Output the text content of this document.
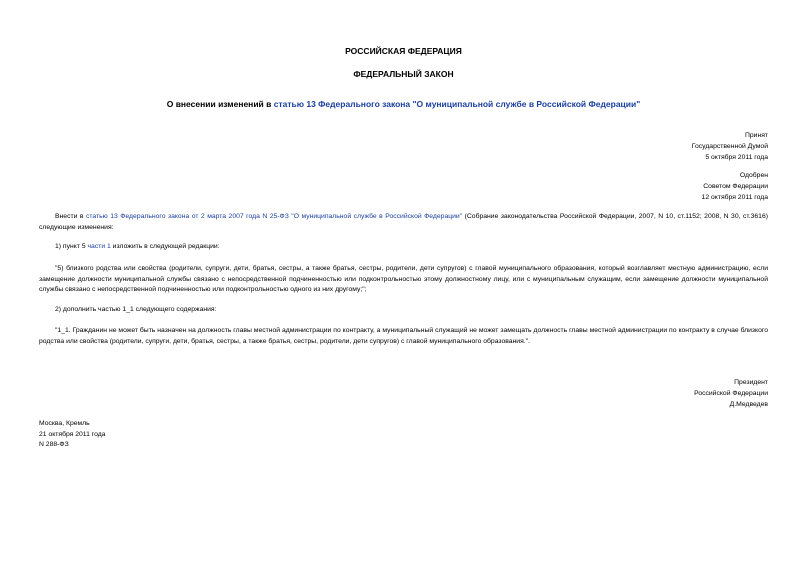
РОССИЙСКАЯ ФЕДЕРАЦИЯ
ФЕДЕРАЛЬНЫЙ ЗАКОН
О внесении изменений в статью 13 Федерального закона "О муниципальной службе в Российской Федерации"
Принят
Государственной Думой
5 октября 2011 года
Одобрен
Советом Федерации
12 октября 2011 года
Внести в статью 13 Федерального закона от 2 марта 2007 года N 25-ФЗ "О муниципальной службе в Российской Федерации" (Собрание законодательства Российской Федерации, 2007, N 10, ст.1152; 2008, N 30, ст.3616) следующие изменения:
1) пункт 5 части 1 изложить в следующей редакции:
"5) близкого родства или свойства (родители, супруги, дети, братья, сестры, а также братья, сестры, родители, дети супругов) с главой муниципального образования, который возглавляет местную администрацию, если замещение должности муниципальной службы связано с непосредственной подчиненностью или подконтрольностью этому должностному лицу, или с муниципальным служащим, если замещение должности муниципальной службы связано с непосредственной подчиненностью или подконтрольностью одного из них другому;";
2) дополнить частью 1_1 следующего содержания:
"1_1. Гражданин не может быть назначен на должность главы местной администрации по контракту, а муниципальный служащий не может замещать должность главы местной администрации по контракту в случае близкого родства или свойства (родители, супруги, дети, братья, сестры, а также братья, сестры, родители, дети супругов) с главой муниципального образования.".
Президент
Российской Федерации
Д.Медведев
Москва, Кремль
21 октября 2011 года
N 288-ФЗ
